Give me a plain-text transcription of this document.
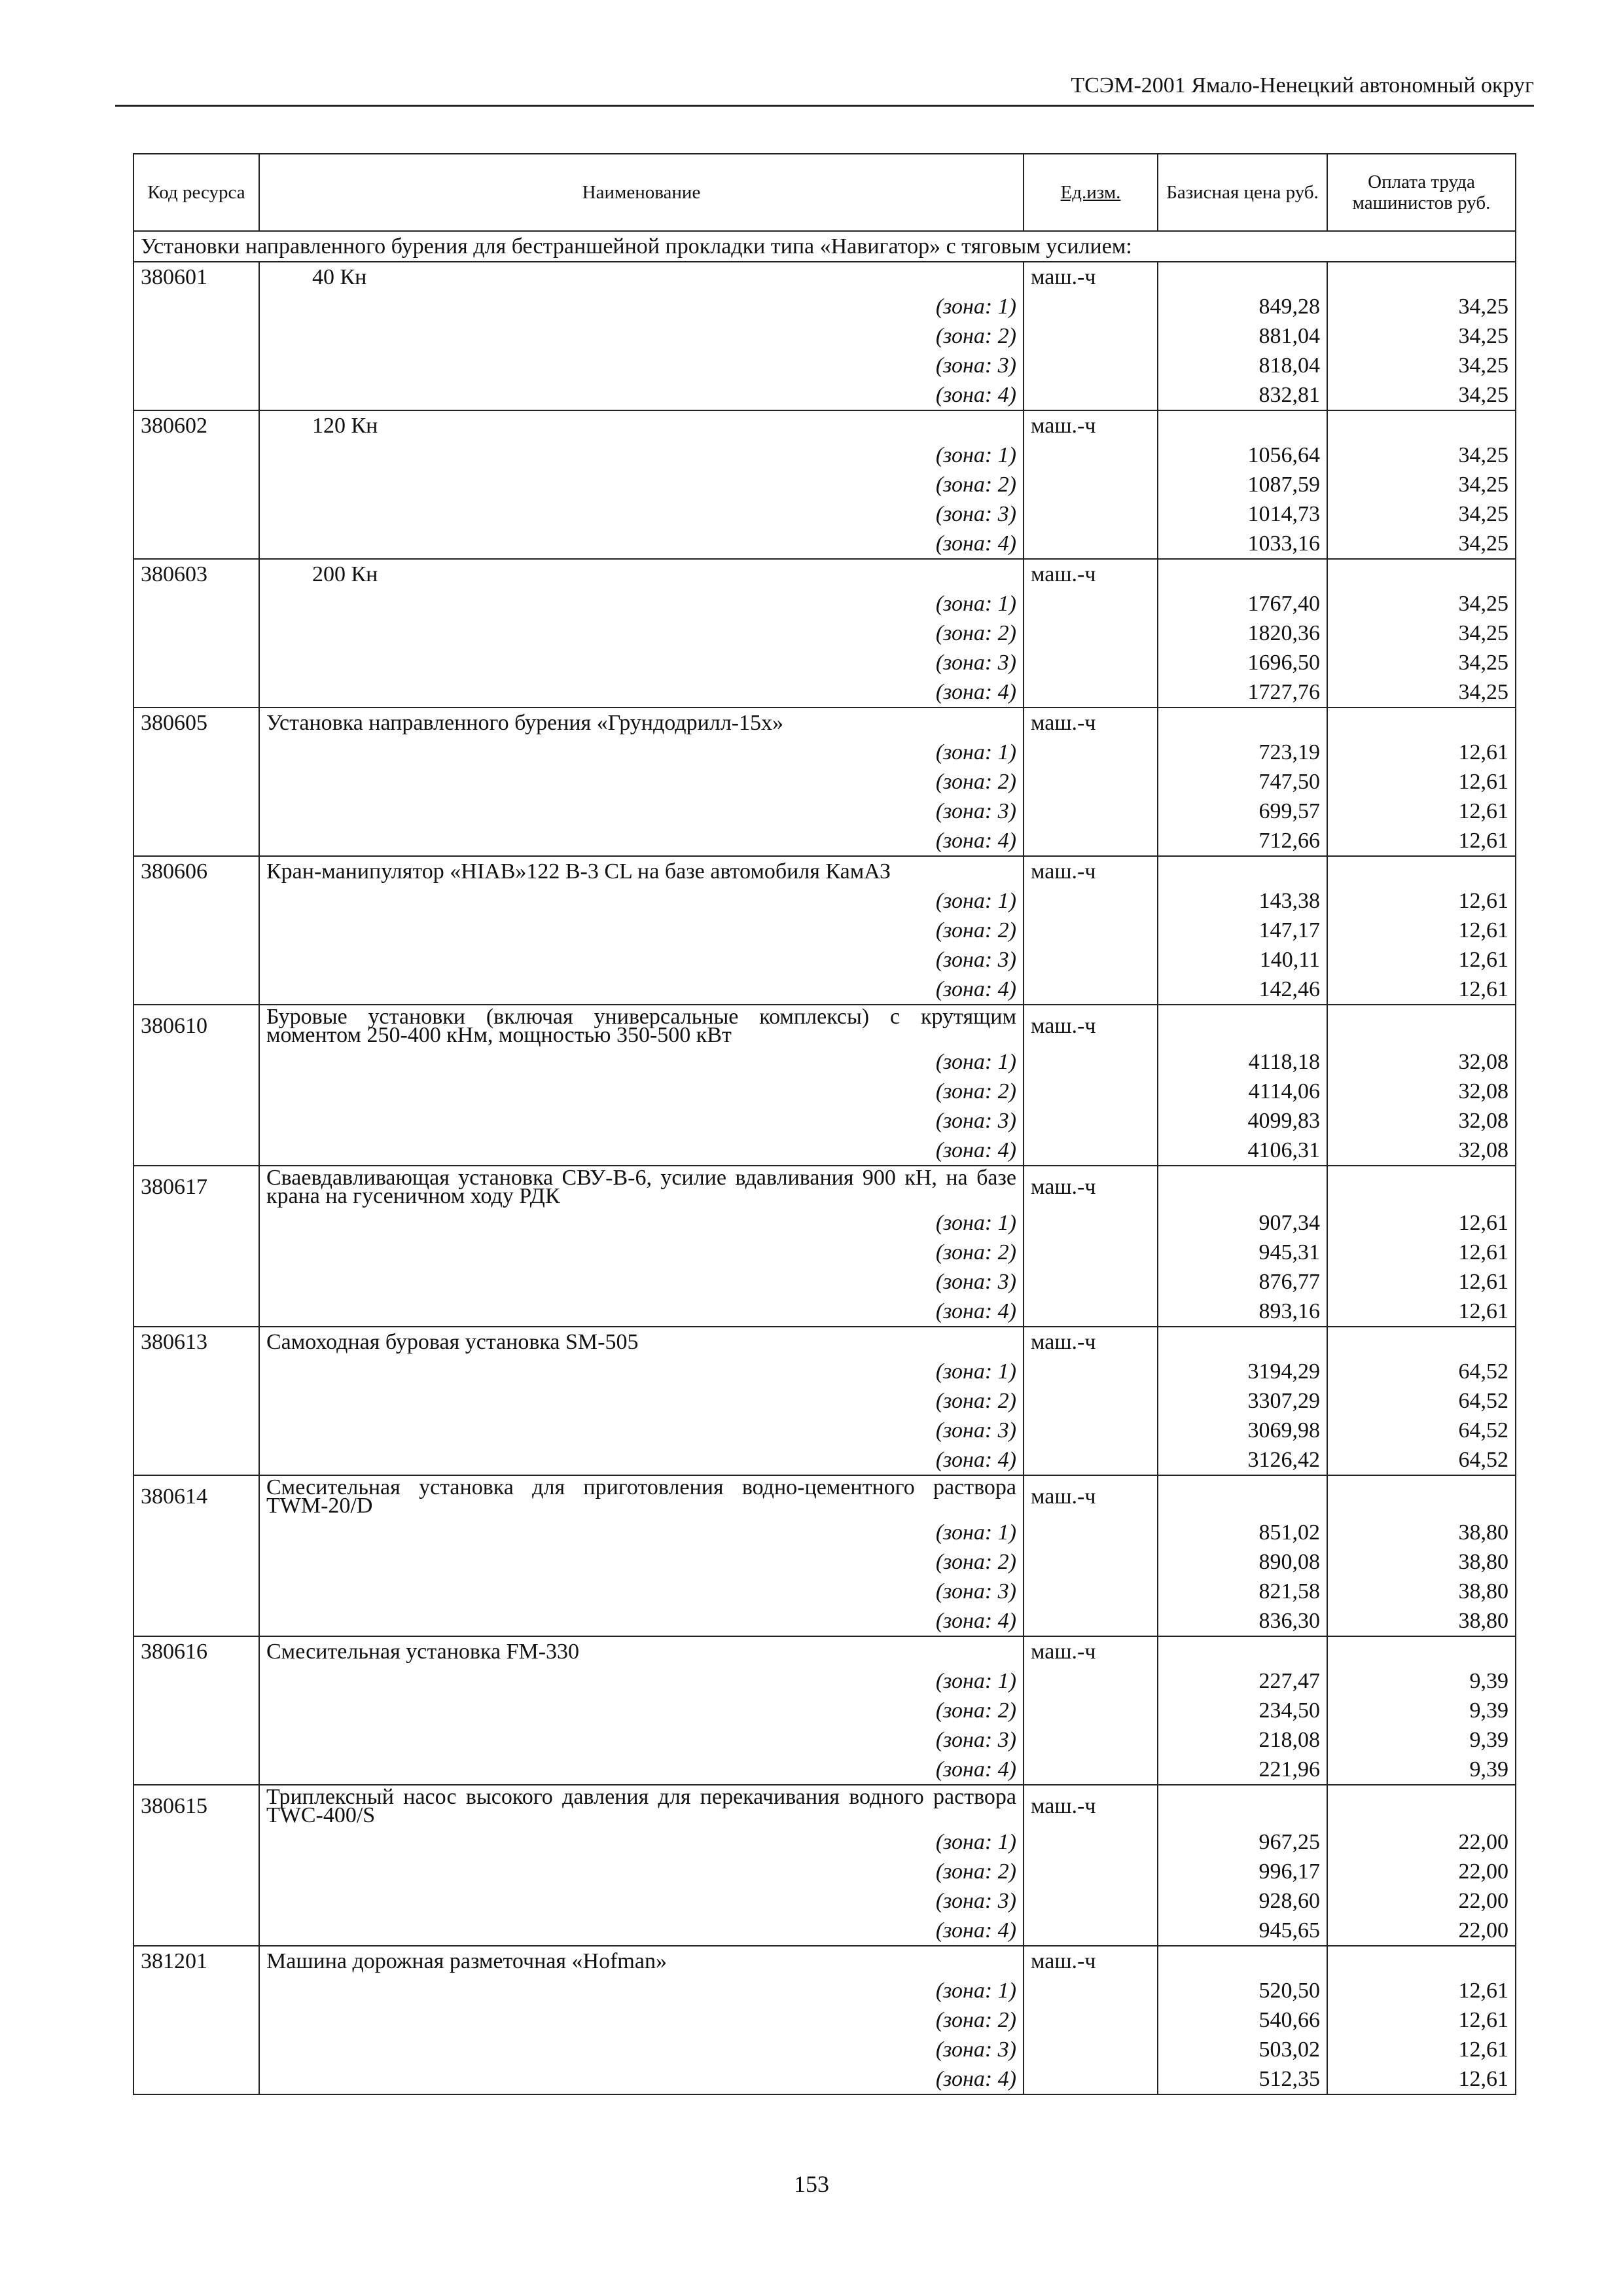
ТСЭМ-2001 Ямало-Ненецкий автономный округ
Код ресурса	Наименование	Ед.изм.	Базисная цена руб.	Оплата труда машинистов руб.
Установки направленного бурения для бестраншейной прокладки типа «Навигатор» с тяговым усилием:				
380601	40 Кн	маш.-ч		
	(зона: 1)		849,28	34,25
	(зона: 2)		881,04	34,25
	(зона: 3)		818,04	34,25
	(зона: 4)		832,81	34,25
380602	120 Кн	маш.-ч		
	(зона: 1)		1056,64	34,25
	(зона: 2)		1087,59	34,25
	(зона: 3)		1014,73	34,25
	(зона: 4)		1033,16	34,25
380603	200 Кн	маш.-ч		
	(зона: 1)		1767,40	34,25
	(зона: 2)		1820,36	34,25
	(зона: 3)		1696,50	34,25
	(зона: 4)		1727,76	34,25
380605	Установка направленного бурения «Грундодрилл-15х»	маш.-ч		
	(зона: 1)		723,19	12,61
	(зона: 2)		747,50	12,61
	(зона: 3)		699,57	12,61
	(зона: 4)		712,66	12,61
380606	Кран-манипулятор «HIAB»122 В-3 CL на базе автомобиля КамАЗ	маш.-ч		
	(зона: 1)		143,38	12,61
	(зона: 2)		147,17	12,61
	(зона: 3)		140,11	12,61
	(зона: 4)		142,46	12,61
380610	Буровые установки (включая универсальные комплексы) с крутящим моментом 250-400 кНм, мощностью 350-500 кВт	маш.-ч		
	(зона: 1)		4118,18	32,08
	(зона: 2)		4114,06	32,08
	(зона: 3)		4099,83	32,08
	(зона: 4)		4106,31	32,08
380617	Сваевдавливающая установка СВУ-В-6, усилие вдавливания 900 кН, на базе крана на гусеничном ходу РДК	маш.-ч		
	(зона: 1)		907,34	12,61
	(зона: 2)		945,31	12,61
	(зона: 3)		876,77	12,61
	(зона: 4)		893,16	12,61
380613	Самоходная буровая установка SM-505	маш.-ч		
	(зона: 1)		3194,29	64,52
	(зона: 2)		3307,29	64,52
	(зона: 3)		3069,98	64,52
	(зона: 4)		3126,42	64,52
380614	Смесительная установка для приготовления водно-цементного раствора TWM-20/D	маш.-ч		
	(зона: 1)		851,02	38,80
	(зона: 2)		890,08	38,80
	(зона: 3)		821,58	38,80
	(зона: 4)		836,30	38,80
380616	Смесительная установка FM-330	маш.-ч		
	(зона: 1)		227,47	9,39
	(зона: 2)		234,50	9,39
	(зона: 3)		218,08	9,39
	(зона: 4)		221,96	9,39
380615	Триплексный насос высокого давления для перекачивания водного раствора TWC-400/S	маш.-ч		
	(зона: 1)		967,25	22,00
	(зона: 2)		996,17	22,00
	(зона: 3)		928,60	22,00
	(зона: 4)		945,65	22,00
381201	Машина дорожная разметочная «Hofman»	маш.-ч		
	(зона: 1)		520,50	12,61
	(зона: 2)		540,66	12,61
	(зона: 3)		503,02	12,61
	(зона: 4)		512,35	12,61
153
